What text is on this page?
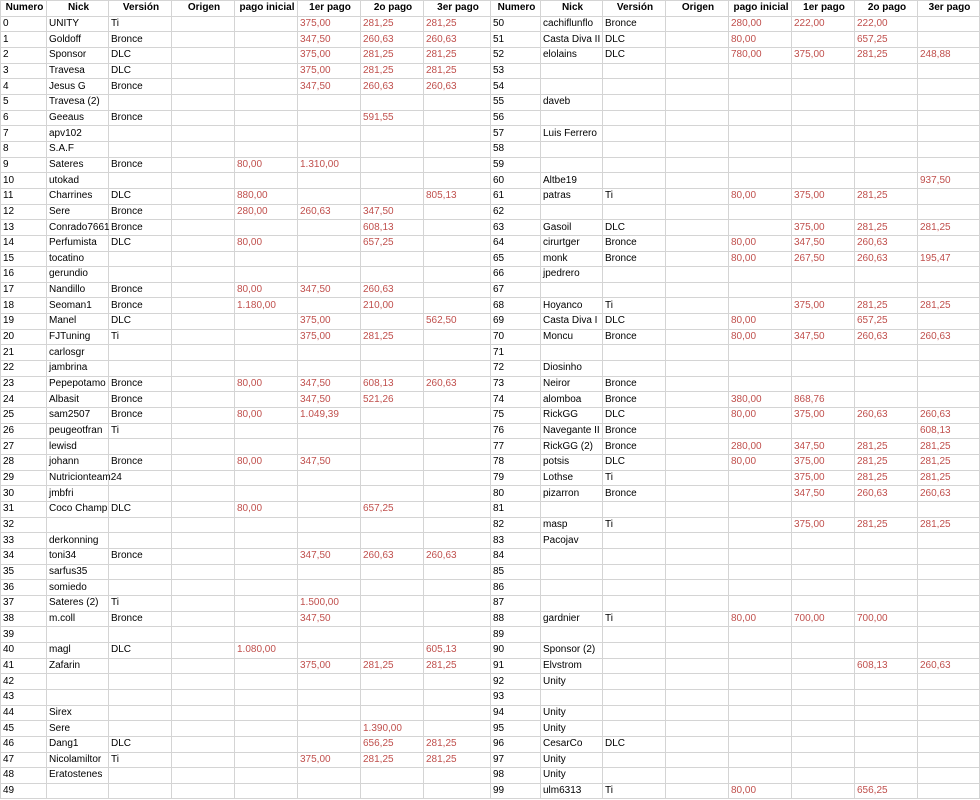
Numero	Nick	Versión	Origen	pago inicial	1er pago	2o pago	3er pago
0	UNITY	Ti			375,00	281,25	281,25
1	Goldoff	Bronce			347,50	260,63	260,63
2	Sponsor	DLC			375,00	281,25	281,25
3	Travesa	DLC			375,00	281,25	281,25
4	Jesus G	Bronce			347,50	260,63	260,63
5	Travesa (2)						
6	Geeaus	Bronce				591,55	
7	apv102						
8	S.A.F						
9	Sateres	Bronce		80,00	1.310,00		
10	utokad						
11	Charrines	DLC		880,00			805,13
12	Sere	Bronce		280,00	260,63	347,50	
13	Conrado7661	Bronce				608,13	
14	Perfumista	DLC		80,00		657,25	
15	tocatino						
16	gerundio						
17	Nandillo	Bronce		80,00	347,50	260,63	
18	Seoman1	Bronce		1.180,00		210,00	
19	Manel	DLC			375,00		562,50
20	FJTuning	Ti			375,00	281,25	
21	carlosgr						
22	jambrina						
23	Pepepotamo	Bronce		80,00	347,50	608,13	260,63
24	Albasit	Bronce			347,50	521,26	
25	sam2507	Bronce		80,00	1.049,39		
26	peugeotfran	Ti					
27	lewisd						
28	johann	Bronce		80,00	347,50		
29	Nutricionteam24						
30	jmbfri						
31	Coco Champ	DLC		80,00		657,25	
32							
33	derkonning						
34	toni34	Bronce			347,50	260,63	260,63
35	sarfus35						
36	somiedo						
37	Sateres (2)	Ti			1.500,00		
38	m.coll	Bronce			347,50		
39							
40	magl	DLC		1.080,00			605,13
41	Zafarin				375,00	281,25	281,25
42							
43							
44	Sirex						
45	Sere					1.390,00	
46	Dang1	DLC				656,25	281,25
47	Nicolamiltor	Ti			375,00	281,25	281,25
48	Eratostenes						
49							
Numero	Nick	Versión	Origen	pago inicial	1er pago	2o pago	3er pago
50	cachiflunflo	Bronce		280,00	222,00	222,00	
51	Casta Diva II	DLC		80,00		657,25	
52	elolains	DLC		780,00	375,00	281,25	248,88
53							
54							
55	daveb						
56							
57	Luis Ferrero						
58							
59							
60	Altbe19						937,50
61	patras	Ti		80,00	375,00	281,25	
62							
63	Gasoil	DLC			375,00	281,25	281,25
64	cirurtger	Bronce		80,00	347,50	260,63	
65	monk	Bronce		80,00	267,50	260,63	195,47
66	jpedrero						
67							
68	Hoyanco	Ti			375,00	281,25	281,25
69	Casta Diva I	DLC		80,00		657,25	
70	Moncu	Bronce		80,00	347,50	260,63	260,63
71							
72	Diosinho						
73	Neiror	Bronce					
74	alomboa	Bronce		380,00	868,76		
75	RickGG	DLC		80,00	375,00	260,63	260,63
76	Navegante II	Bronce					608,13
77	RickGG (2)	Bronce		280,00	347,50	281,25	281,25
78	potsis	DLC		80,00	375,00	281,25	281,25
79	Lothse	Ti			375,00	281,25	281,25
80	pizarron	Bronce			347,50	260,63	260,63
81							
82	masp	Ti			375,00	281,25	281,25
83	Pacojav						
84							
85							
86							
87							
88	gardnier	Ti		80,00	700,00	700,00	
89							
90	Sponsor (2)						
91	Elvstrom					608,13	260,63
92	Unity						
93							
94	Unity						
95	Unity						
96	CesarCo	DLC					
97	Unity						
98	Unity						
99	ulm6313	Ti		80,00		656,25	
